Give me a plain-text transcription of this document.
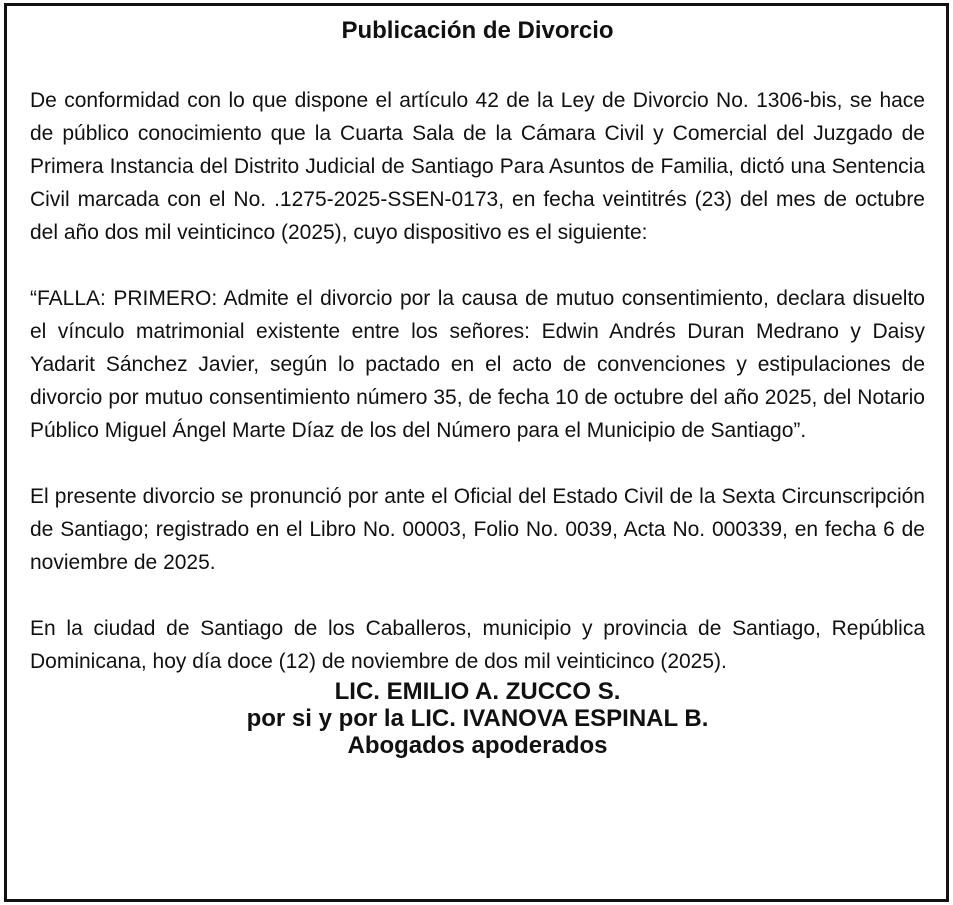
Publicación de Divorcio

De conformidad con lo que dispone el artículo 42 de la Ley de Divorcio No. 1306-bis, se hace de público conocimiento que la Cuarta Sala de la Cámara Civil y Comercial del Juzgado de Primera Instancia del Distrito Judicial de Santiago Para Asuntos de Familia, dictó una Sentencia Civil marcada con el No. .1275-2025-SSEN-0173, en fecha veintitrés (23) del mes de octubre del año dos mil veinticinco (2025), cuyo dispositivo es el siguiente:

“FALLA: PRIMERO: Admite el divorcio por la causa de mutuo consentimiento, declara disuelto el vínculo matrimonial existente entre los señores: Edwin Andrés Duran Medrano y Daisy Yadarit Sánchez Javier, según lo pactado en el acto de convenciones y estipulaciones de divorcio por mutuo consentimiento número 35, de fecha 10 de octubre del año 2025, del Notario Público Miguel Ángel Marte Díaz de los del Número para el Municipio de Santiago”.

El presente divorcio se pronunció por ante el Oficial del Estado Civil de la Sexta Circunscripción de Santiago; registrado en el Libro No. 00003, Folio No. 0039, Acta No. 000339, en fecha 6 de noviembre de 2025.

En la ciudad de Santiago de los Caballeros, municipio y provincia de Santiago, República Dominicana, hoy día doce (12) de noviembre de dos mil veinticinco (2025).

LIC. EMILIO A. ZUCCO S.
por si y por la LIC. IVANOVA ESPINAL B.
Abogados apoderados
